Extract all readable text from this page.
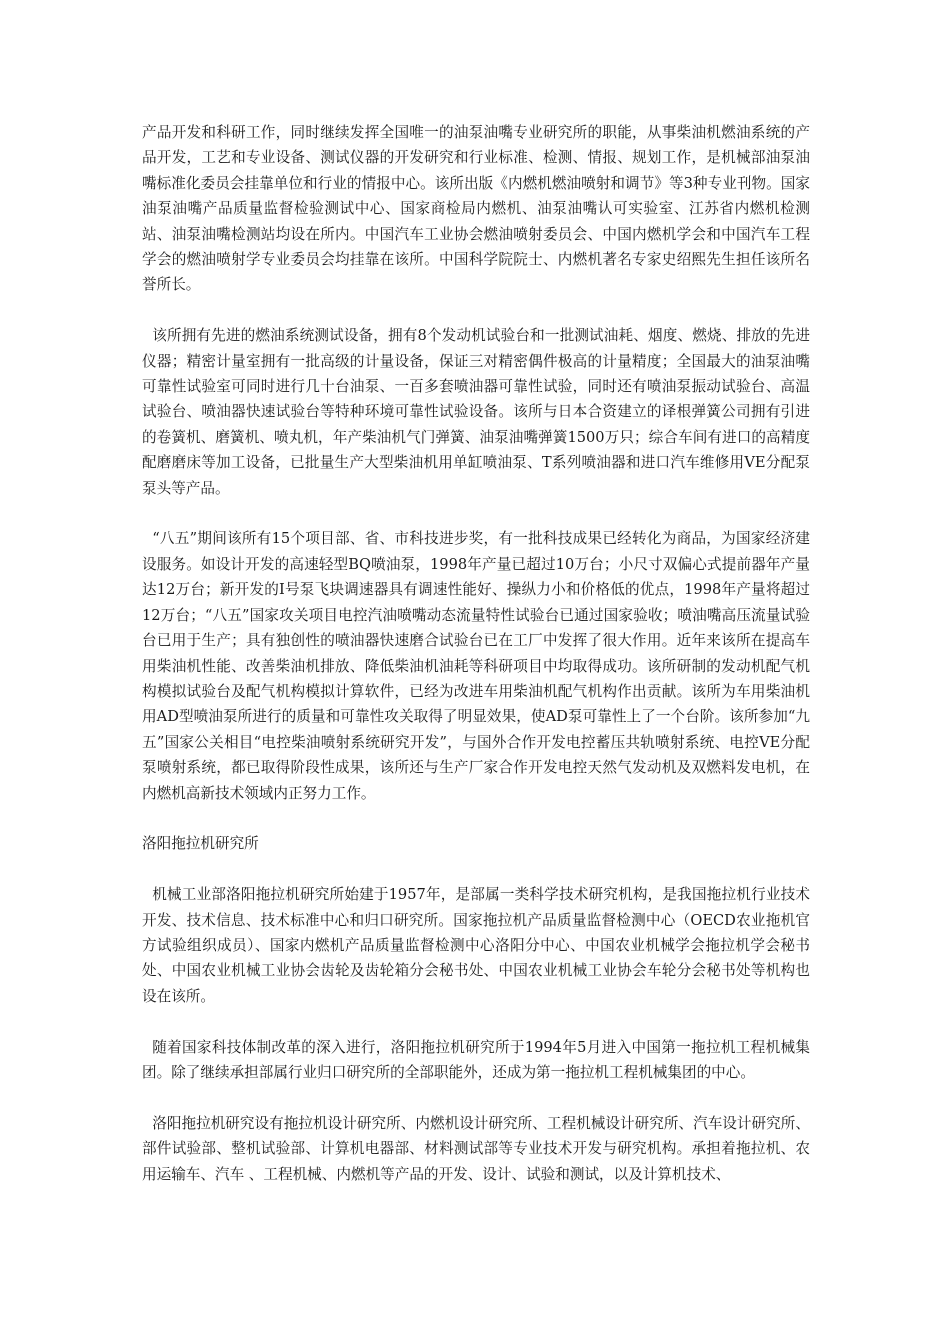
产品开发和科研工作，同时继续发挥全国唯一的油泵油嘴专业研究所的职能，从事柴油机燃油系统的产品开发，工艺和专业设备、测试仪器的开发研究和行业标准、检测、情报、规划工作，是机械部油泵油嘴标准化委员会挂靠单位和行业的情报中心。该所出版《内燃机燃油喷射和调节》等3种专业刊物。国家油泵油嘴产品质量监督检验测试中心、国家商检局内燃机、油泵油嘴认可实验室、江苏省内燃机检测站、油泵油嘴检测站均设在所内。中国汽车工业协会燃油喷射委员会、中国内燃机学会和中国汽车工程学会的燃油喷射学专业委员会均挂靠在该所。中国科学院院士、内燃机著名专家史绍熙先生担任该所名誉所长。

该所拥有先进的燃油系统测试设备，拥有8个发动机试验台和一批测试油耗、烟度、燃烧、排放的先进仪器；精密计量室拥有一批高级的计量设备，保证三对精密偶件极高的计量精度；全国最大的油泵油嘴可靠性试验室可同时进行几十台油泵、一百多套喷油器可靠性试验，同时还有喷油泵振动试验台、高温试验台、喷油器快速试验台等特种环境可靠性试验设备。该所与日本合资建立的译根弹簧公司拥有引进的卷簧机、磨簧机、喷丸机，年产柴油机气门弹簧、油泵油嘴弹簧1500万只；综合车间有进口的高精度配磨磨床等加工设备，已批量生产大型柴油机用单缸喷油泵、T系列喷油器和进口汽车维修用VE分配泵泵头等产品。

“八五”期间该所有15个项目部、省、市科技进步奖，有一批科技成果已经转化为商品，为国家经济建设服务。如设计开发的高速轻型BQ喷油泵，1998年产量已超过10万台；小尺寸双偏心式提前器年产量达12万台；新开发的Ⅰ号泵飞块调速器具有调速性能好、操纵力小和价格低的优点，1998年产量将超过12万台；“八五”国家攻关项目电控汽油喷嘴动态流量特性试验台已通过国家验收；喷油嘴高压流量试验台已用于生产；具有独创性的喷油器快速磨合试验台已在工厂中发挥了很大作用。近年来该所在提高车用柴油机性能、改善柴油机排放、降低柴油机油耗等科研项目中均取得成功。该所研制的发动机配气机构模拟试验台及配气机构模拟计算软件，已经为改进车用柴油机配气机构作出贡献。该所为车用柴油机用AD型喷油泵所进行的质量和可靠性攻关取得了明显效果，使AD泵可靠性上了一个台阶。该所参加“九五”国家公关相目“电控柴油喷射系统研究开发”，与国外合作开发电控蓄压共轨喷射系统、电控VE分配泵喷射系统，都已取得阶段性成果，该所还与生产厂家合作开发电控天然气发动机及双燃料发电机，在内燃机高新技术领域内正努力工作。

洛阳拖拉机研究所

机械工业部洛阳拖拉机研究所始建于1957年，是部属一类科学技术研究机构，是我国拖拉机行业技术开发、技术信息、技术标准中心和归口研究所。国家拖拉机产品质量监督检测中心（OECD农业拖机官方试验组织成员）、国家内燃机产品质量监督检测中心洛阳分中心、中国农业机械学会拖拉机学会秘书处、中国农业机械工业协会齿轮及齿轮箱分会秘书处、中国农业机械工业协会车轮分会秘书处等机构也设在该所。

随着国家科技体制改革的深入进行，洛阳拖拉机研究所于1994年5月进入中国第一拖拉机工程机械集团。除了继续承担部属行业归口研究所的全部职能外，还成为第一拖拉机工程机械集团的中心。

洛阳拖拉机研究设有拖拉机设计研究所、内燃机设计研究所、工程机械设计研究所、汽车设计研究所、部件试验部、整机试验部、计算机电器部、材料测试部等专业技术开发与研究机构。承担着拖拉机、农用运输车、汽车 、工程机械、内燃机等产品的开发、设计、试验和测试，以及计算机技术、
